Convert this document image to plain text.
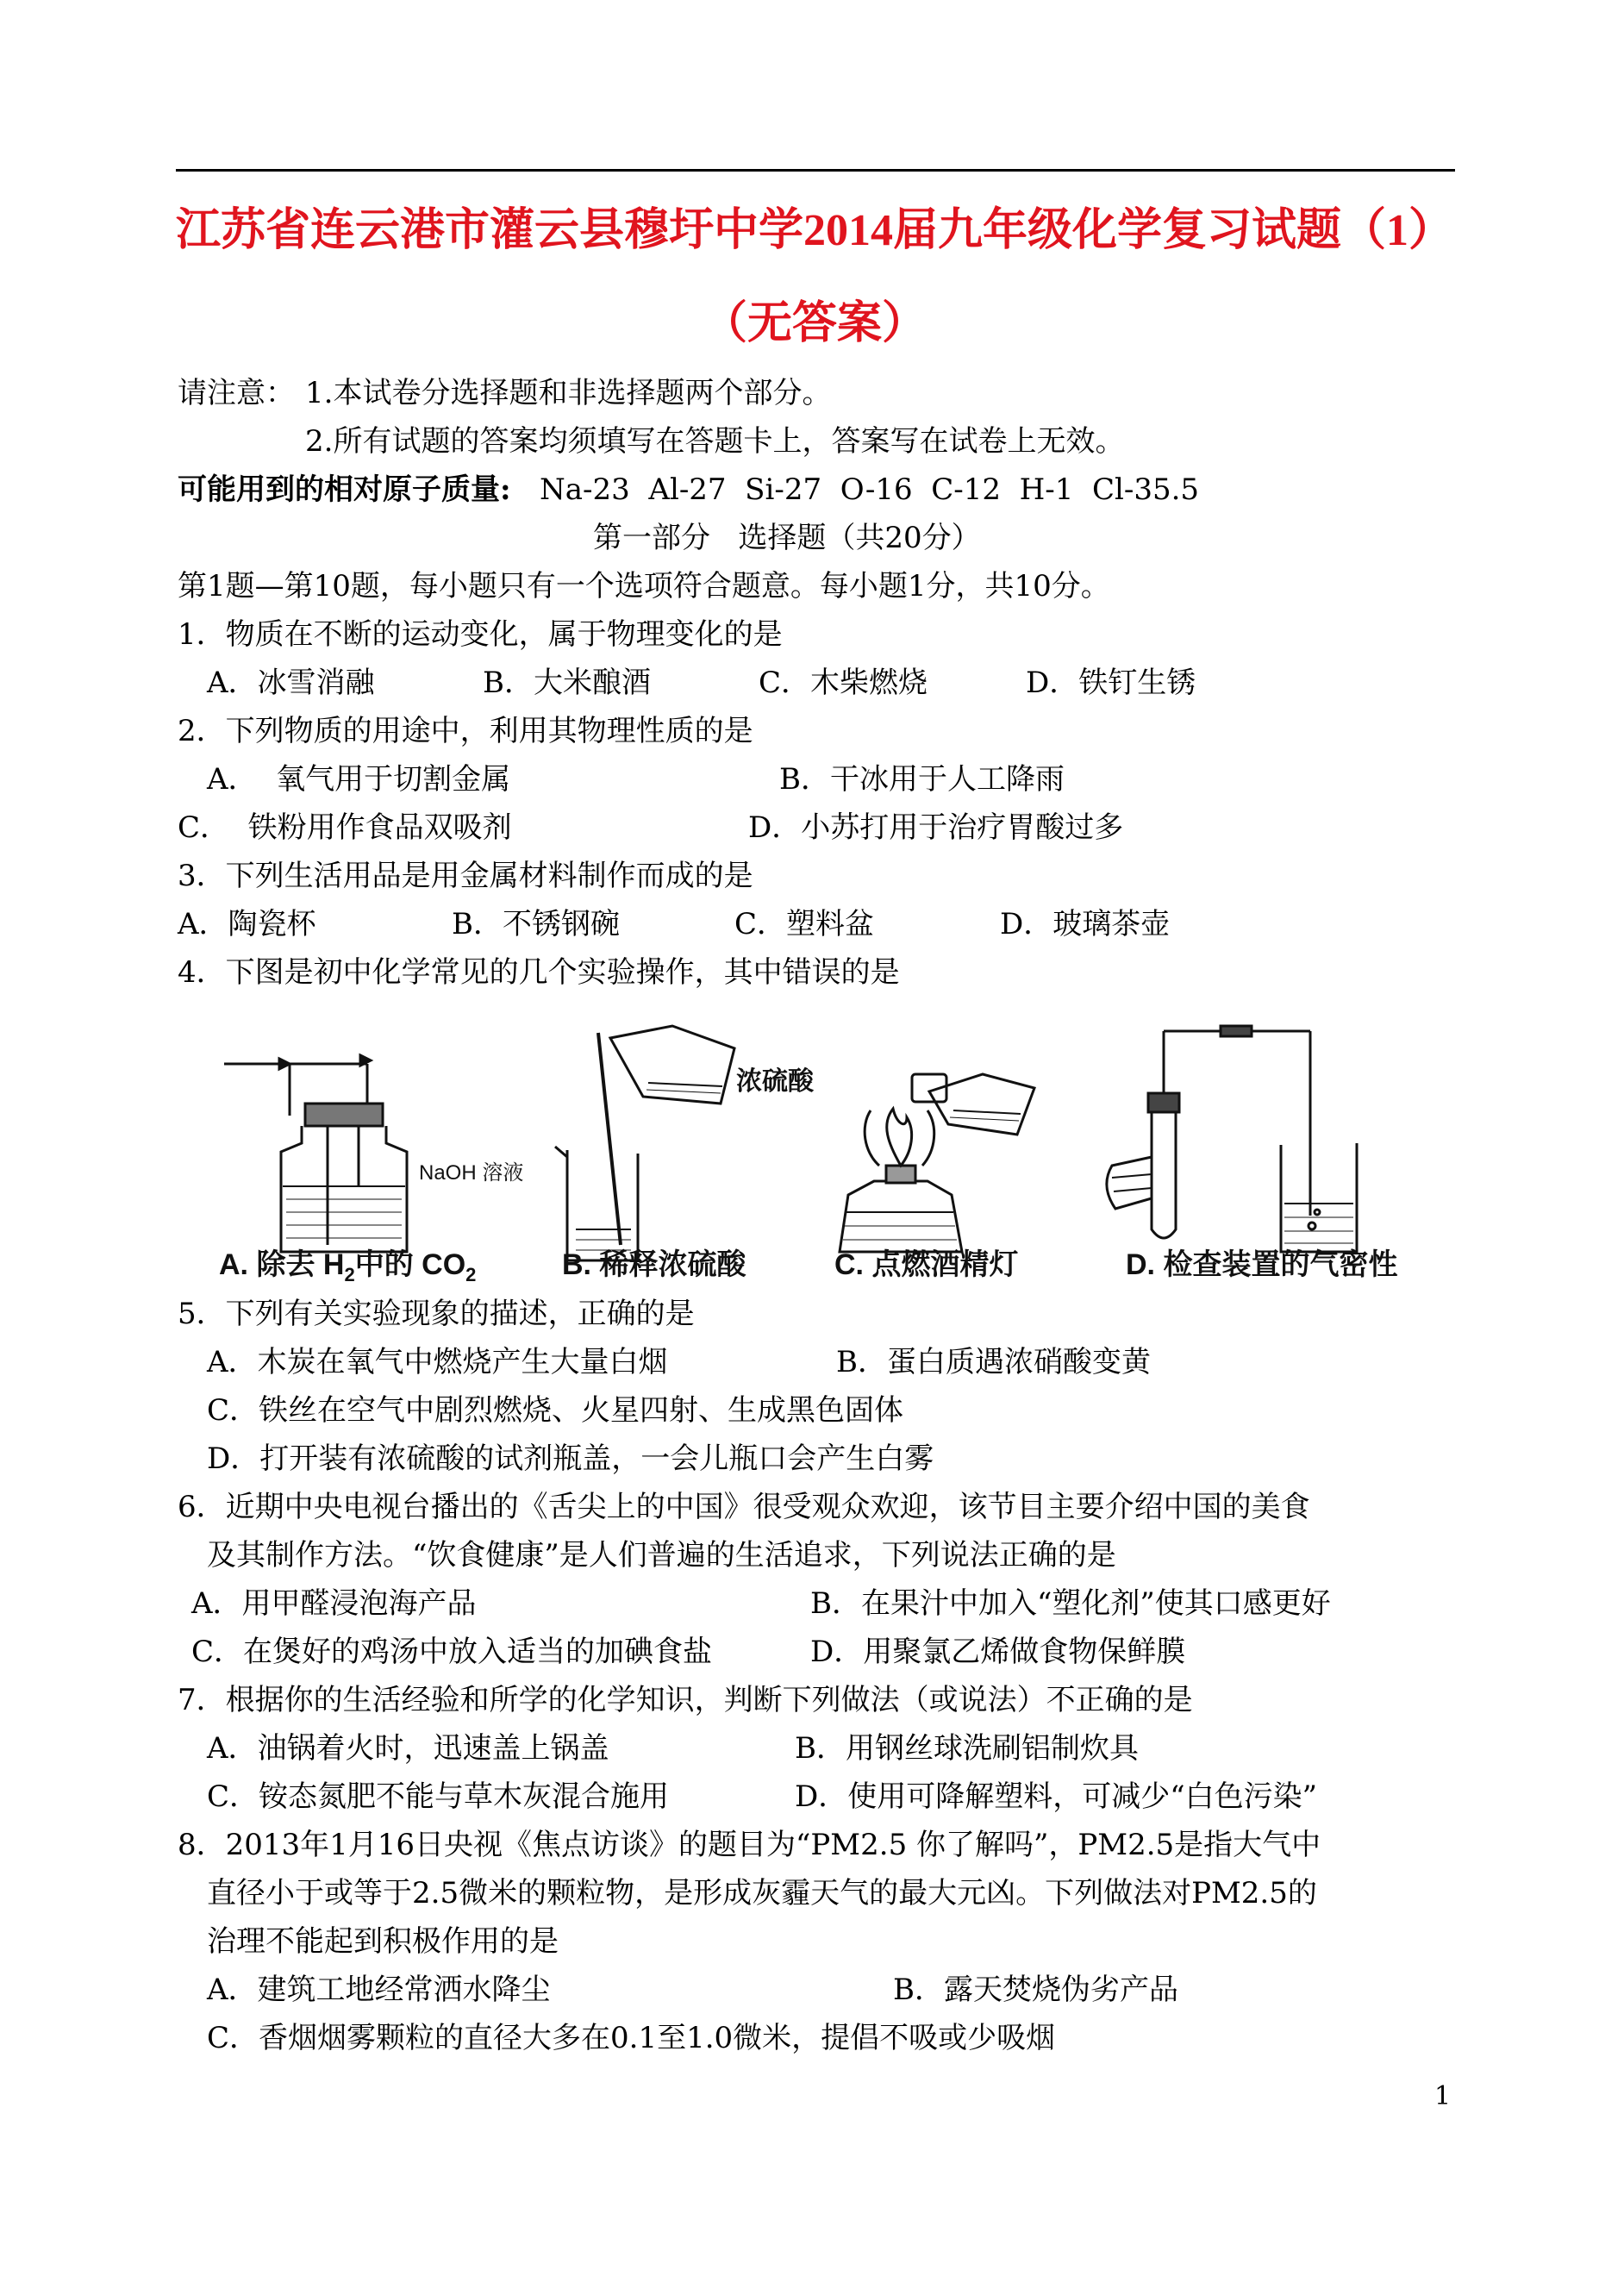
江苏省连云港市灌云县穆圩中学2014届九年级化学复习试题（1）
（无答案）
请注意： 1.本试卷分选择题和非选择题两个部分。
2.所有试题的答案均须填写在答题卡上，答案写在试卷上无效。
可能用到的相对原子质量: Na-23  Al-27  Si-27  O-16  C-12  H-1  Cl-35.5
第一部分   选择题（共20分）
第1题—第10题，每小题只有一个选项符合题意。每小题1分，共10分。
1．物质在不断的运动变化，属于物理变化的是
A．冰雪消融	B．大米酿酒	C．木柴燃烧	D．铁钉生锈
2．下列物质的用途中，利用其物理性质的是
A．  氧气用于切割金属	B．干冰用于人工降雨
C．  铁粉用作食品双吸剂	D．小苏打用于治疗胃酸过多
3．下列生活用品是用金属材料制作而成的是
A．陶瓷杯	B．不锈钢碗	C．塑料盆	D．玻璃茶壶
4．下图是初中化学常见的几个实验操作，其中错误的是
NaOH 溶液
浓硫酸
A. 除去 $H_2$中的 $CO_2$	B. 稀释浓硫酸	C. 点燃酒精灯	D. 检查装置的气密性
5．下列有关实验现象的描述，正确的是
A．木炭在氧气中燃烧产生大量白烟	B．蛋白质遇浓硝酸变黄
C．铁丝在空气中剧烈燃烧、火星四射、生成黑色固体
D．打开装有浓硫酸的试剂瓶盖，一会儿瓶口会产生白雾
6．近期中央电视台播出的《舌尖上的中国》很受观众欢迎，该节目主要介绍中国的美食
及其制作方法。“饮食健康”是人们普遍的生活追求，下列说法正确的是
A．用甲醛浸泡海产品	B．在果汁中加入“塑化剂”使其口感更好
C．在煲好的鸡汤中放入适当的加碘食盐	D．用聚氯乙烯做食物保鲜膜
7．根据你的生活经验和所学的化学知识，判断下列做法（或说法）不正确的是
A．油锅着火时，迅速盖上锅盖	B．用钢丝球洗刷铝制炊具
C．铵态氮肥不能与草木灰混合施用	D．使用可降解塑料，可减少“白色污染”
8．2013年1月16日央视《焦点访谈》的题目为“PM2.5 你了解吗”，PM2.5是指大气中
直径小于或等于2.5微米的颗粒物，是形成灰霾天气的最大元凶。下列做法对PM2.5的
治理不能起到积极作用的是
A．建筑工地经常洒水降尘	B．露天焚烧伪劣产品
C．香烟烟雾颗粒的直径大多在0.1至1.0微米，提倡不吸或少吸烟
1
